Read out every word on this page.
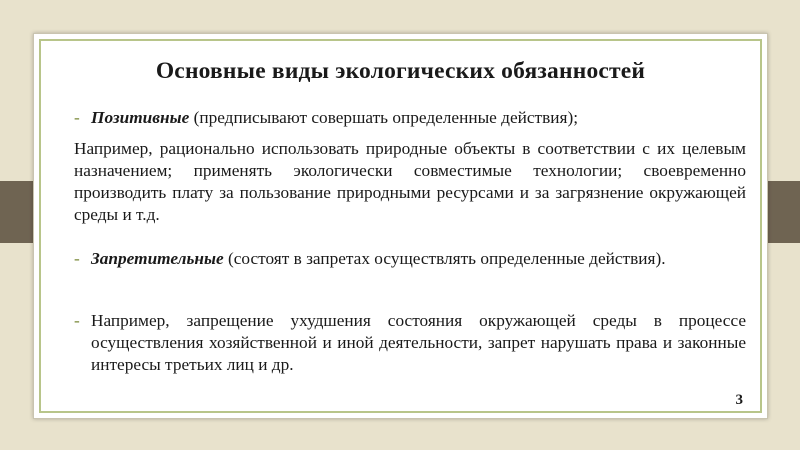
Основные виды экологических обязанностей
- Позитивные (предписывают совершать определенные действия);
Например, рационально использовать природные объекты в соответствии с их целевым назначением; применять экологически совместимые технологии; своевременно производить плату за пользование природными ресурсами и за загрязнение окружающей среды и т.д.
- Запретительные (состоят в запретах осуществлять определенные действия).
- Например, запрещение ухудшения состояния окружающей среды в процессе осуществления хозяйственной и иной деятельности, запрет нарушать права и законные интересы третьих лиц и др.
3
